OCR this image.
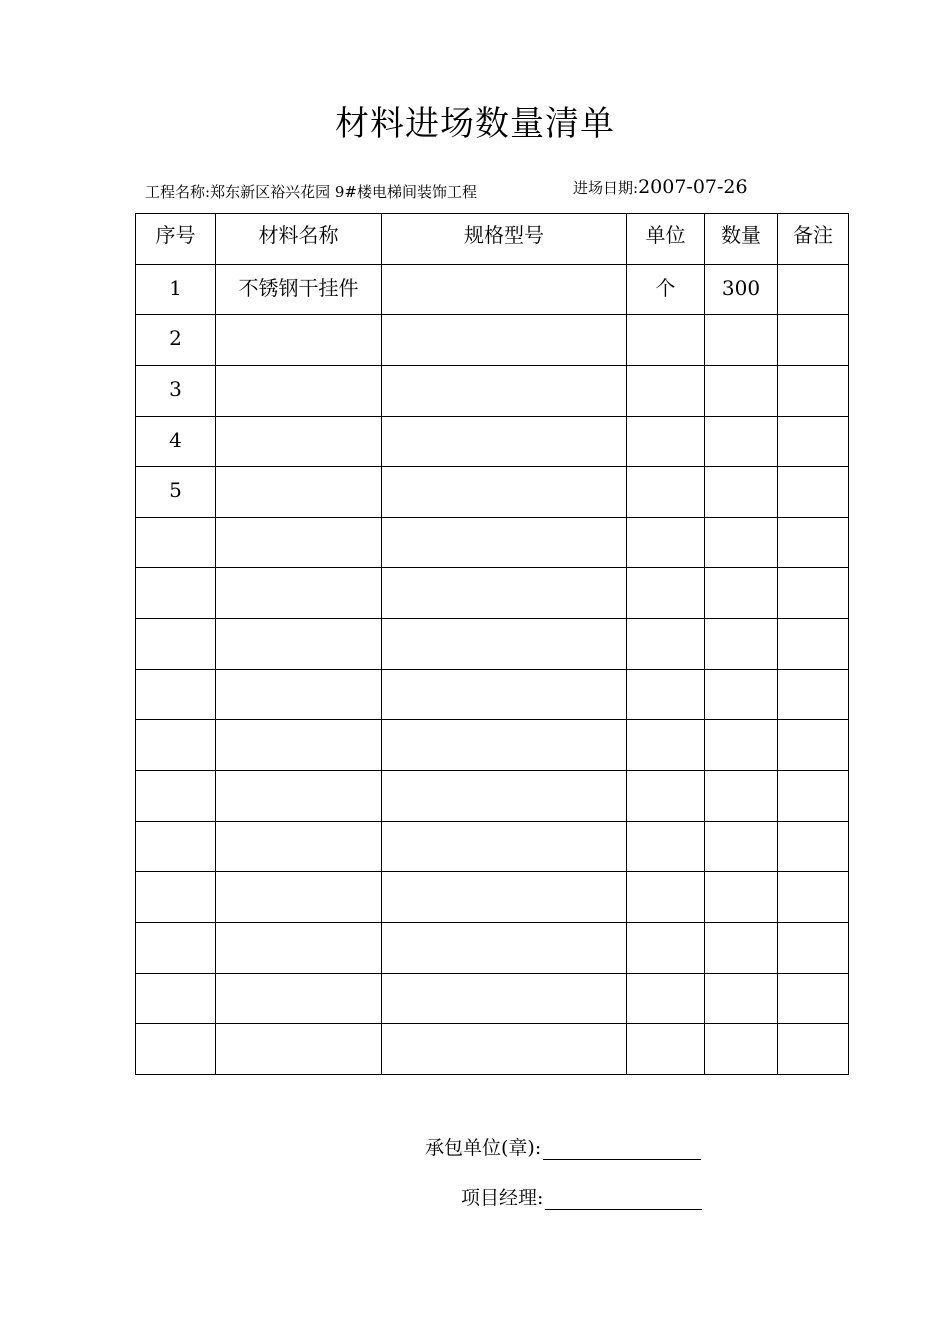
材料进场数量清单
工程名称:郑东新区裕兴花园 9#楼电梯间装饰工程	进场日期:2007-07-26
序号	材料名称	规格型号	单位	数量	备注
1	不锈钢干挂件		个	300	
2					
3					
4					
5					

承包单位(章):
项目经理:
